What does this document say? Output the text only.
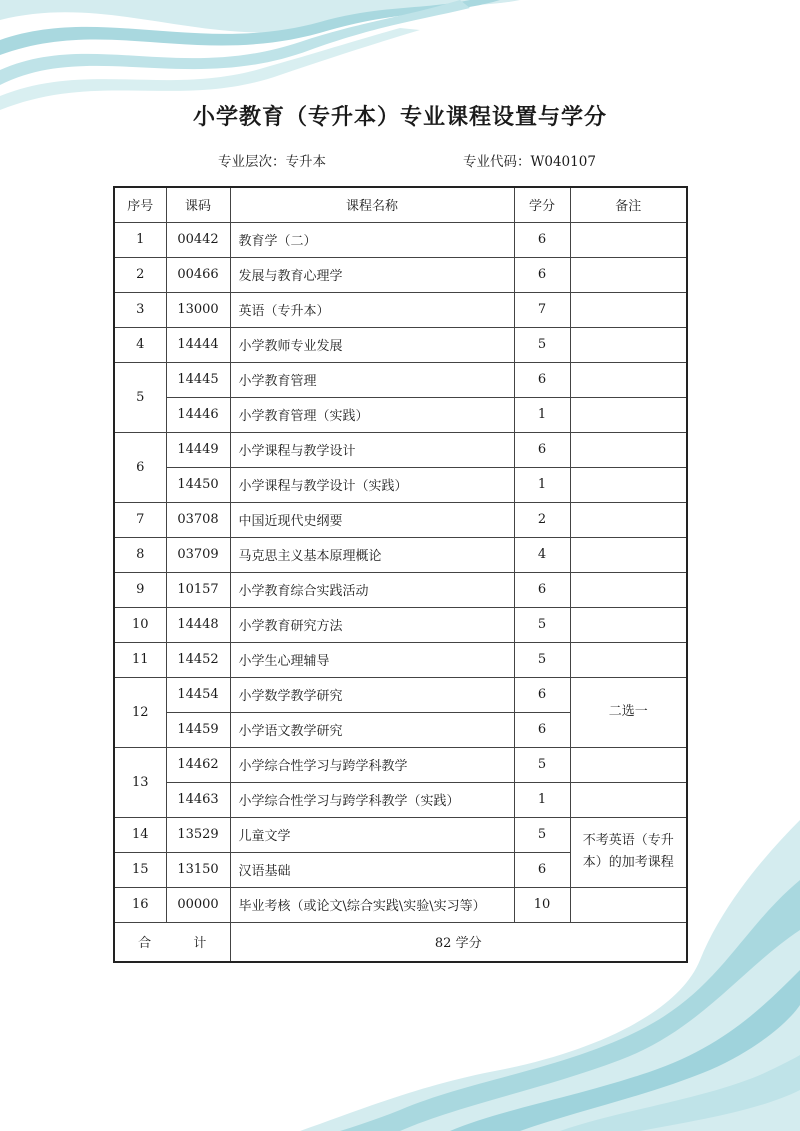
小学教育（专升本）专业课程设置与学分
专业层次：专升本	专业代码：W040107
序号	课码	课程名称	学分	备注
1	00442	教育学（二）	6	
2	00466	发展与教育心理学	6	
3	13000	英语（专升本）	7	
4	14444	小学教师专业发展	5	
5	14445	小学教育管理	6	
	14446	小学教育管理（实践）	1	
6	14449	小学课程与教学设计	6	
	14450	小学课程与教学设计（实践）	1	
7	03708	中国近现代史纲要	2	
8	03709	马克思主义基本原理概论	4	
9	10157	小学教育综合实践活动	6	
10	14448	小学教育研究方法	5	
11	14452	小学生心理辅导	5	
12	14454	小学数学教学研究	6	二选一
	14459	小学语文教学研究	6	
13	14462	小学综合性学习与跨学科教学	5	
	14463	小学综合性学习与跨学科教学（实践）	1	
14	13529	儿童文学	5	不考英语（专升本）的加考课程
15	13150	汉语基础	6	
16	00000	毕业考核（或论文\综合实践\实验\实习等）	10	
合 计		82 学分		
